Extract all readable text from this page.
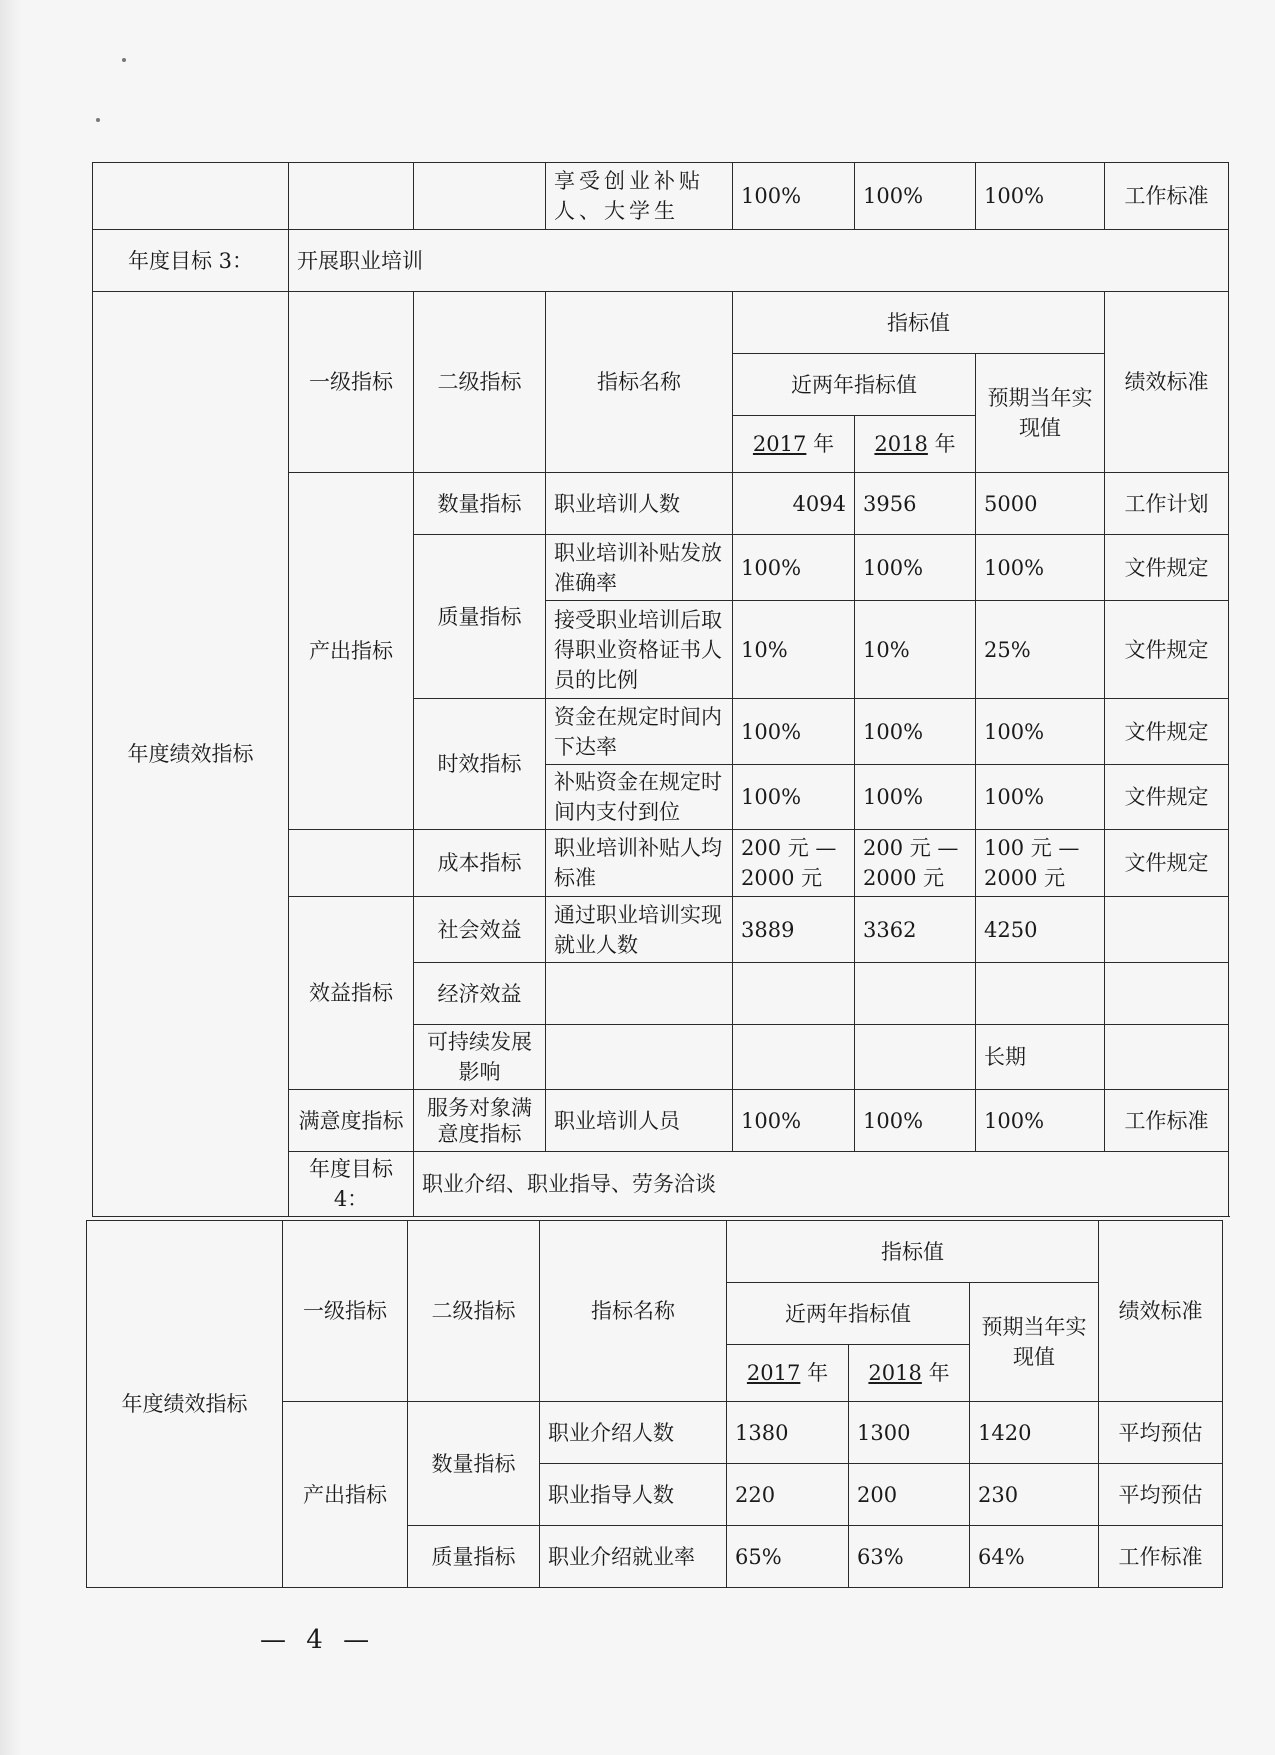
			享受创业补贴人、大学生	100%	100%	100%	工作标准
年度目标 3：	开展职业培训						
年度绩效指标	一级指标	二级指标	指标名称	指标值			绩效标准
				近两年指标值		预期当年实现值	
				2017 年	2018 年		
	产出指标	数量指标	职业培训人数	4094	3956	5000	工作计划
		质量指标	职业培训补贴发放准确率	100%	100%	100%	文件规定
			接受职业培训后取得职业资格证书人员的比例	10%	10%	25%	文件规定
		时效指标	资金在规定时间内下达率	100%	100%	100%	文件规定
			补贴资金在规定时间内支付到位	100%	100%	100%	文件规定
		成本指标	职业培训补贴人均标准	200 元 — 2000 元	200 元 — 2000 元	100 元 — 2000 元	文件规定
	效益指标	社会效益	通过职业培训实现就业人数	3889	3362	4250	
		经济效益					
		可持续发展影响				长期	
	满意度指标	服务对象满意度指标	职业培训人员	100%	100%	100%	工作标准
	年度目标 4：	职业介绍、职业指导、劳务洽谈					
年度绩效指标	一级指标	二级指标	指标名称	指标值			绩效标准
				近两年指标值		预期当年实现值	
				2017 年	2018 年		
	产出指标	数量指标	职业介绍人数	1380	1300	1420	平均预估
			职业指导人数	220	200	230	平均预估
		质量指标	职业介绍就业率	65%	63%	64%	工作标准
— 4 —
